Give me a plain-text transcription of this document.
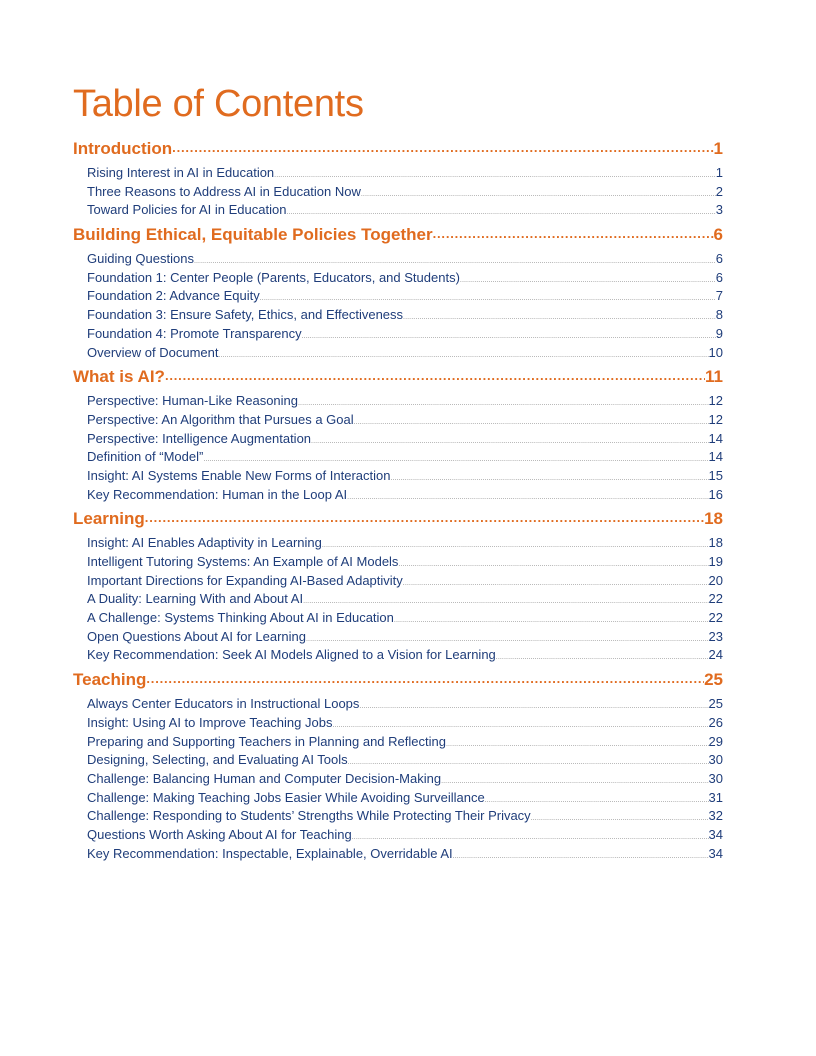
Table of Contents
Introduction .....	1
Rising Interest in AI in Education .....	1
Three Reasons to Address AI in Education Now .....	2
Toward Policies for AI in Education .....	3
Building Ethical, Equitable Policies Together .....	6
Guiding Questions .....	6
Foundation 1: Center People (Parents, Educators, and Students) .....	6
Foundation 2: Advance Equity .....	7
Foundation 3: Ensure Safety, Ethics, and Effectiveness .....	8
Foundation 4: Promote Transparency .....	9
Overview of Document .....	10
What is AI? .....	11
Perspective: Human-Like Reasoning .....	12
Perspective: An Algorithm that Pursues a Goal .....	12
Perspective: Intelligence Augmentation .....	14
Definition of “Model” .....	14
Insight: AI Systems Enable New Forms of Interaction .....	15
Key Recommendation: Human in the Loop AI .....	16
Learning .....	18
Insight: AI Enables Adaptivity in Learning .....	18
Intelligent Tutoring Systems: An Example of AI Models .....	19
Important Directions for Expanding AI-Based Adaptivity .....	20
A Duality: Learning With and About AI .....	22
A Challenge: Systems Thinking About AI in Education .....	22
Open Questions About AI for Learning .....	23
Key Recommendation: Seek AI Models Aligned to a Vision for Learning .....	24
Teaching .....	25
Always Center Educators in Instructional Loops .....	25
Insight: Using AI to Improve Teaching Jobs .....	26
Preparing and Supporting Teachers in Planning and Reflecting .....	29
Designing, Selecting, and Evaluating AI Tools .....	30
Challenge: Balancing Human and Computer Decision-Making .....	30
Challenge: Making Teaching Jobs Easier While Avoiding Surveillance .....	31
Challenge: Responding to Students’ Strengths While Protecting Their Privacy .....	32
Questions Worth Asking About AI for Teaching .....	34
Key Recommendation: Inspectable, Explainable, Overridable AI .....	34
